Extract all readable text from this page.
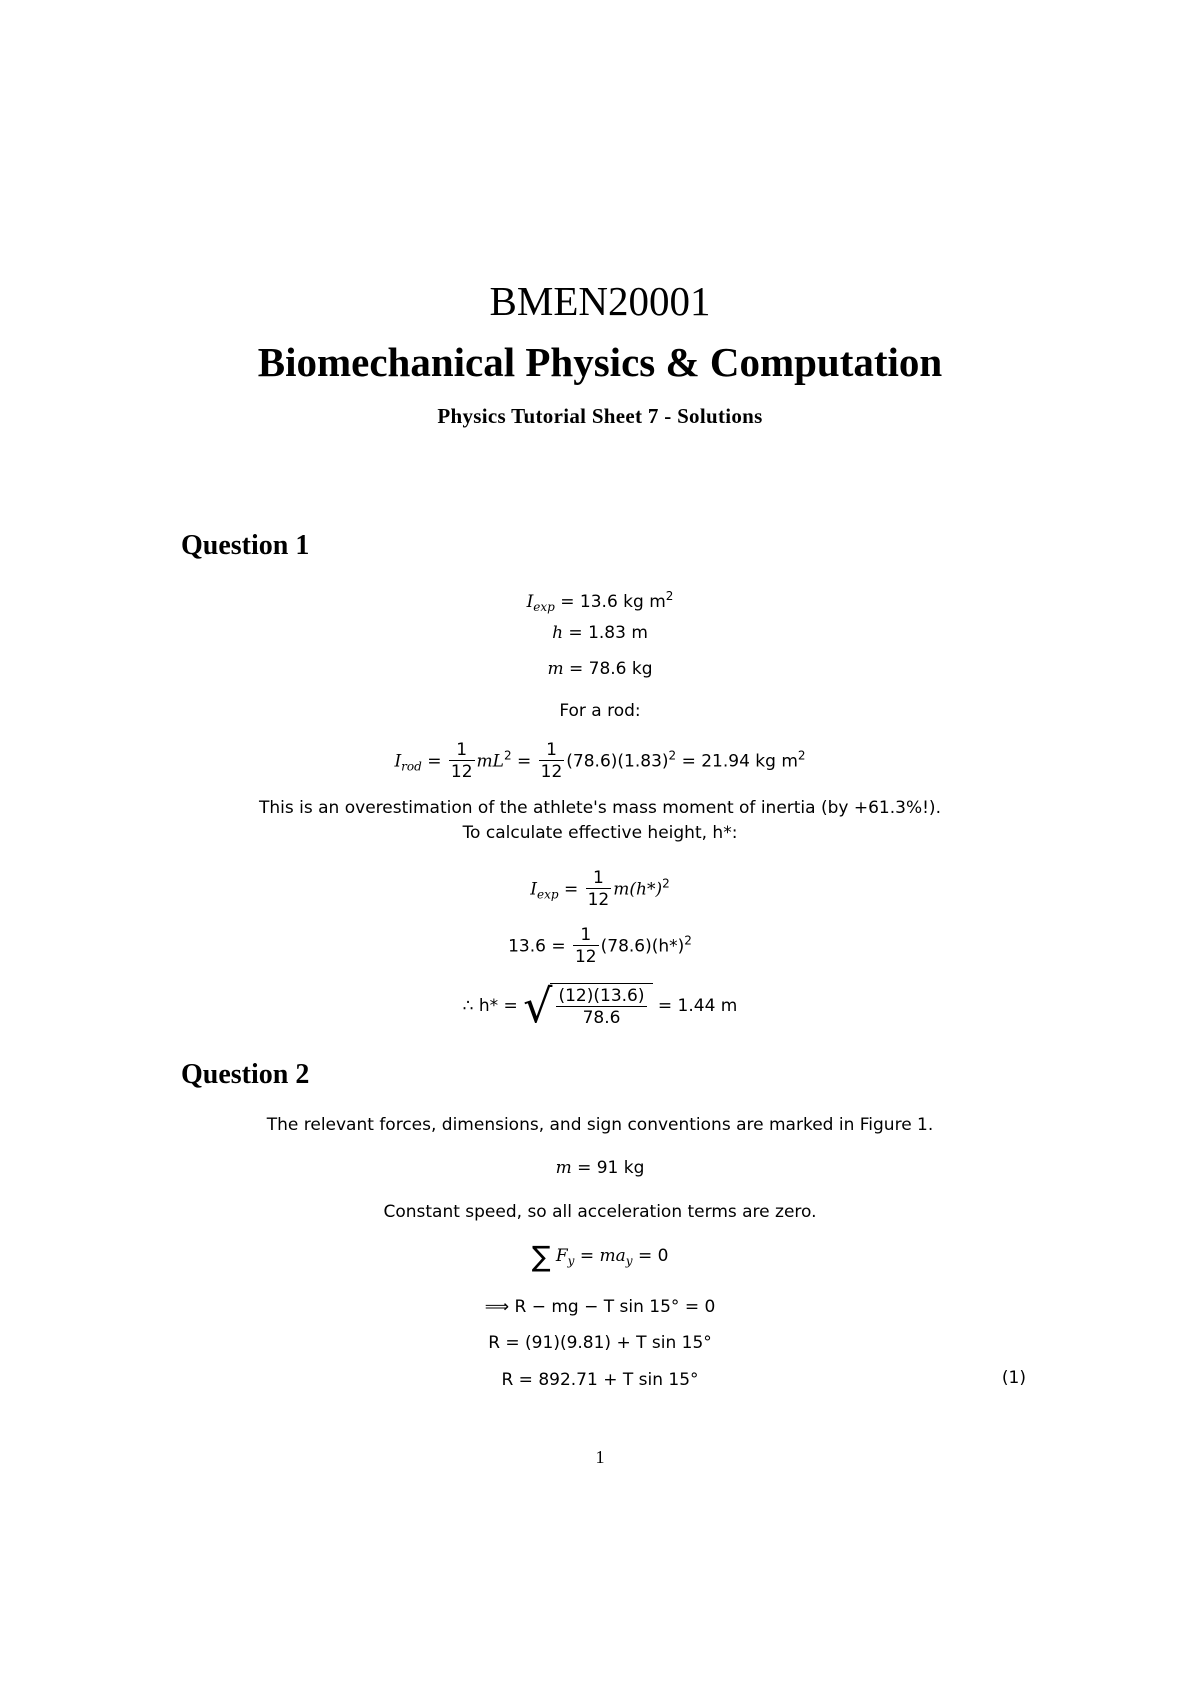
BMEN20001
Biomechanical Physics & Computation
Physics Tutorial Sheet 7 - Solutions
Question 1
$I_{exp} = 13.6$ kg $m^2$
h = 1.83 m
m = 78.6 kg
For a rod:
$I_{rod} = \frac{1}{12} mL^2 = \frac{1}{12} (78.6)(1.83)^2 = 21.94$ kg $m^2$
This is an overestimation of the athlete's mass moment of inertia (by +61.3%!).
To calculate effective height, h*:
$I_{exp} = \frac{1}{12} m(h*)^2$
$13.6 = \frac{1}{12} (78.6)(h*)^2$
∴ h* = √ $\frac{(12)(13.6)}{78.6} = 1.44$ m
Question 2
The relevant forces, dimensions, and sign conventions are marked in Figure 1.
m = 91 kg
Constant speed, so all acceleration terms are zero.
∑ $F_y = ma_y = 0$
⟹ R − mg − T sin 15° = 0
R = (91)(9.81) + T sin 15°
R = 892.71 + T sin 15°	(1)
1
